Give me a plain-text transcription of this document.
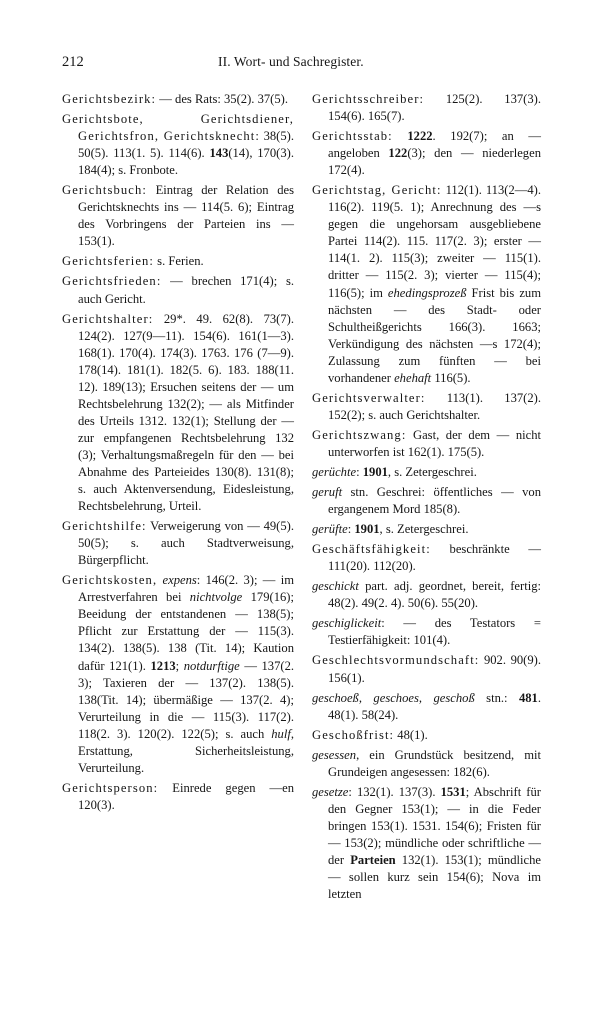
212	II. Wort- und Sachregister.

Gerichtsbezirk: — des Rats: 35(2). 37(5).

Gerichtsbote, Gerichtsdiener, Gerichtsfron, Gerichtsknecht: 38(5). 50(5). 113(1. 5). 114(6). 143(14), 170(3). 184(4); s. Fronbote.

Gerichtsbuch: Eintrag der Relation des Gerichtsknechts ins — 114(5. 6); Eintrag des Vorbringens der Parteien ins — 153(1).

Gerichtsferien: s. Ferien.

Gerichtsfrieden: — brechen 171(4); s. auch Gericht.

Gerichtshalter: 29*. 49. 62(8). 73(7). 124(2). 127(9—11). 154(6). 161(1—3). 168(1). 170(4). 174(3). 1763. 176 (7—9). 178(14). 181(1). 182(5. 6). 183. 188(11. 12). 189(13); Ersuchen seitens der — um Rechtsbelehrung 132(2); — als Mitfinder des Urteils 1312. 132(1); Stellung der — zur empfangenen Rechtsbelehrung 132 (3); Verhaltungsmaßregeln für den — bei Abnahme des Parteieides 130(8). 131(8); s. auch Aktenversendung, Eidesleistung, Rechtsbelehrung, Urteil.

Gerichtshilfe: Verweigerung von — 49(5). 50(5); s. auch Stadtverweisung, Bürgerpflicht.

Gerichtskosten, expens: 146(2. 3); — im Arrestverfahren bei nichtvolge 179(16); Beeidung der entstandenen — 138(5); Pflicht zur Erstattung der — 115(3). 134(2). 138(5). 138 (Tit. 14); Kaution dafür 121(1). 1213; notdurftige — 137(2. 3); Taxieren der — 137(2). 138(5). 138(Tit. 14); übermäßige — 137(2. 4); Verurteilung in die — 115(3). 117(2). 118(2. 3). 120(2). 122(5); s. auch hulf, Erstattung, Sicherheitsleistung, Verurteilung.

Gerichtsperson: Einrede gegen —en 120(3).

Gerichtsschreiber: 125(2). 137(3). 154(6). 165(7).

Gerichtsstab: 1222. 192(7); an — angeloben 122(3); den — niederlegen 172(4).

Gerichtstag, Gericht: 112(1). 113(2—4). 116(2). 119(5. 1); Anrechnung des —s gegen die ungehorsam ausgebliebene Partei 114(2). 115. 117(2. 3); erster — 114(1. 2). 115(3); zweiter — 115(1). dritter — 115(2. 3); vierter — 115(4); 116(5); im ehedingsprozeß Frist bis zum nächsten — des Stadt- oder Schultheißgerichts 166(3). 1663; Verkündigung des nächsten —s 172(4); Zulassung zum fünften — bei vorhandener ehehaft 116(5).

Gerichtsverwalter: 113(1). 137(2). 152(2); s. auch Gerichtshalter.

Gerichtszwang: Gast, der dem — nicht unterworfen ist 162(1). 175(5).

gerüchte: 1901, s. Zetergeschrei.

geruft stn. Geschrei: öffentliches — von ergangenem Mord 185(8).

gerüfte: 1901, s. Zetergeschrei.

Geschäftsfähigkeit: beschränkte — 111(20). 112(20).

geschickt part. adj. geordnet, bereit, fertig: 48(2). 49(2. 4). 50(6). 55(20).

geschiglickeit: — des Testators = Testierfähigkeit: 101(4).

Geschlechtsvormundschaft: 902. 90(9). 156(1).

geschoeß, geschoes, geschoß stn.: 481. 48(1). 58(24).

Geschoßfrist: 48(1).

gesessen, ein Grundstück besitzend, mit Grundeigen angesessen: 182(6).

gesetze: 132(1). 137(3). 1531; Abschrift für den Gegner 153(1); — in die Feder bringen 153(1). 1531. 154(6); Fristen für — 153(2); mündliche oder schriftliche — der Parteien 132(1). 153(1); mündliche — sollen kurz sein 154(6); Nova im letzten
